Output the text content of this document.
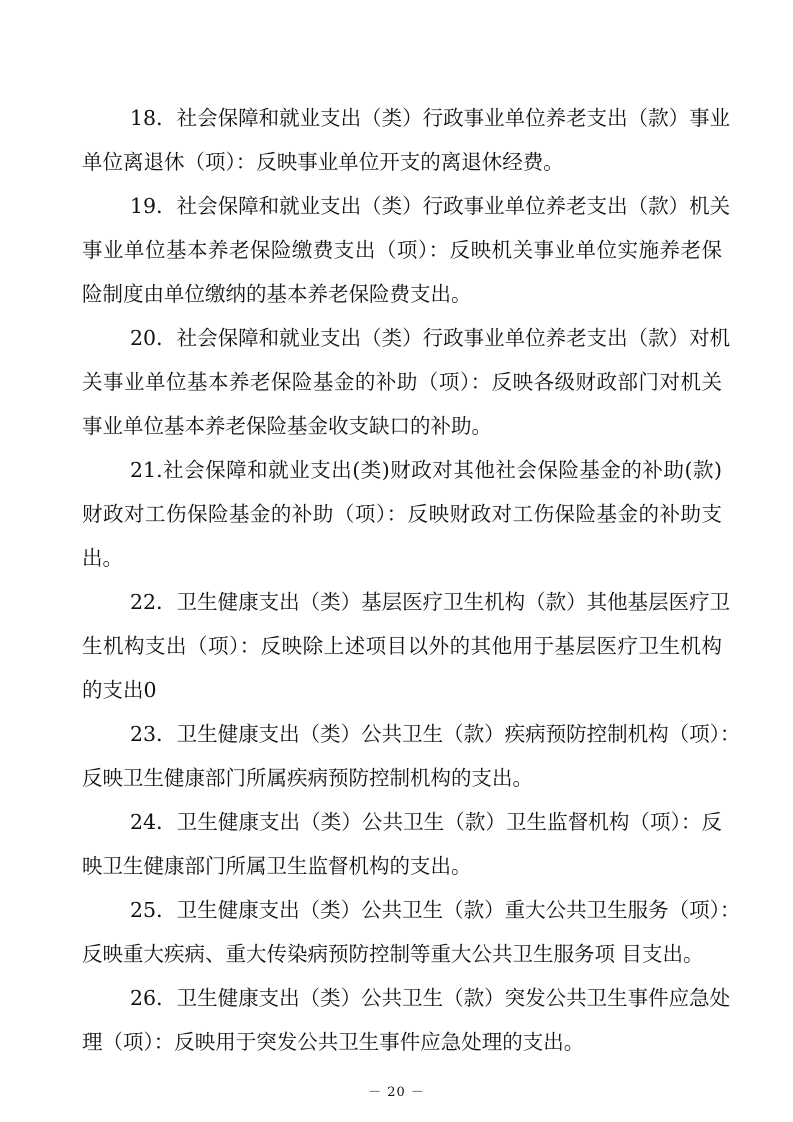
18．社会保障和就业支出（类）行政事业单位养老支出（款）事业
单位离退休（项）：反映事业单位开支的离退休经费。
19．社会保障和就业支出（类）行政事业单位养老支出（款）机关
事业单位基本养老保险缴费支出（项）：反映机关事业单位实施养老保
险制度由单位缴纳的基本养老保险费支出。
20．社会保障和就业支出（类）行政事业单位养老支出（款）对机
关事业单位基本养老保险基金的补助（项）：反映各级财政部门对机关
事业单位基本养老保险基金收支缺口的补助。
21.社会保障和就业支出(类)财政对其他社会保险基金的补助(款)
财政对工伤保险基金的补助（项）：反映财政对工伤保险基金的补助支
出。
22．卫生健康支出（类）基层医疗卫生机构（款）其他基层医疗卫
生机构支出（项）：反映除上述项目以外的其他用于基层医疗卫生机构
的支出0
23．卫生健康支出（类）公共卫生（款）疾病预防控制机构（项）：
反映卫生健康部门所属疾病预防控制机构的支出。
24．卫生健康支出（类）公共卫生（款）卫生监督机构（项）：反
映卫生健康部门所属卫生监督机构的支出。
25．卫生健康支出（类）公共卫生（款）重大公共卫生服务（项）：
反映重大疾病、重大传染病预防控制等重大公共卫生服务项 目支出。
26．卫生健康支出（类）公共卫生（款）突发公共卫生事件应急处
理（项）：反映用于突发公共卫生事件应急处理的支出。
－ 20 －
